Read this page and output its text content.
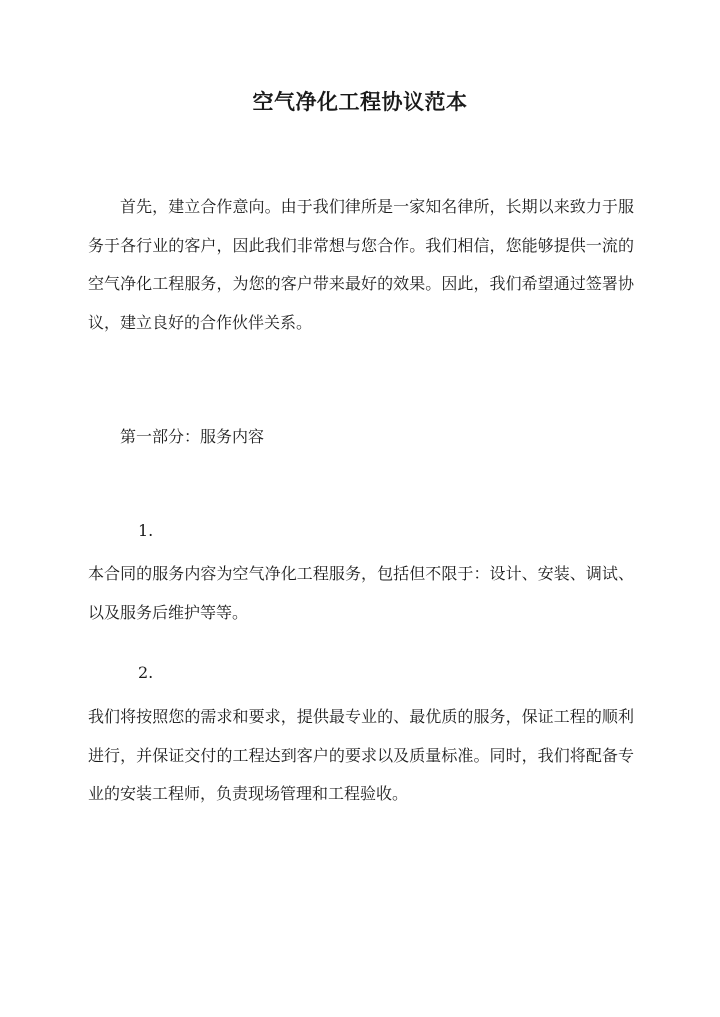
空气净化工程协议范本

首先，建立合作意向。由于我们律所是一家知名律所，长期以来致力于服务于各行业的客户，因此我们非常想与您合作。我们相信，您能够提供一流的空气净化工程服务，为您的客户带来最好的效果。因此，我们希望通过签署协议，建立良好的合作伙伴关系。

第一部分：服务内容

1.

本合同的服务内容为空气净化工程服务，包括但不限于：设计、安装、调试、以及服务后维护等等。

2.

我们将按照您的需求和要求，提供最专业的、最优质的服务，保证工程的顺利进行，并保证交付的工程达到客户的要求以及质量标准。同时，我们将配备专业的安装工程师，负责现场管理和工程验收。
